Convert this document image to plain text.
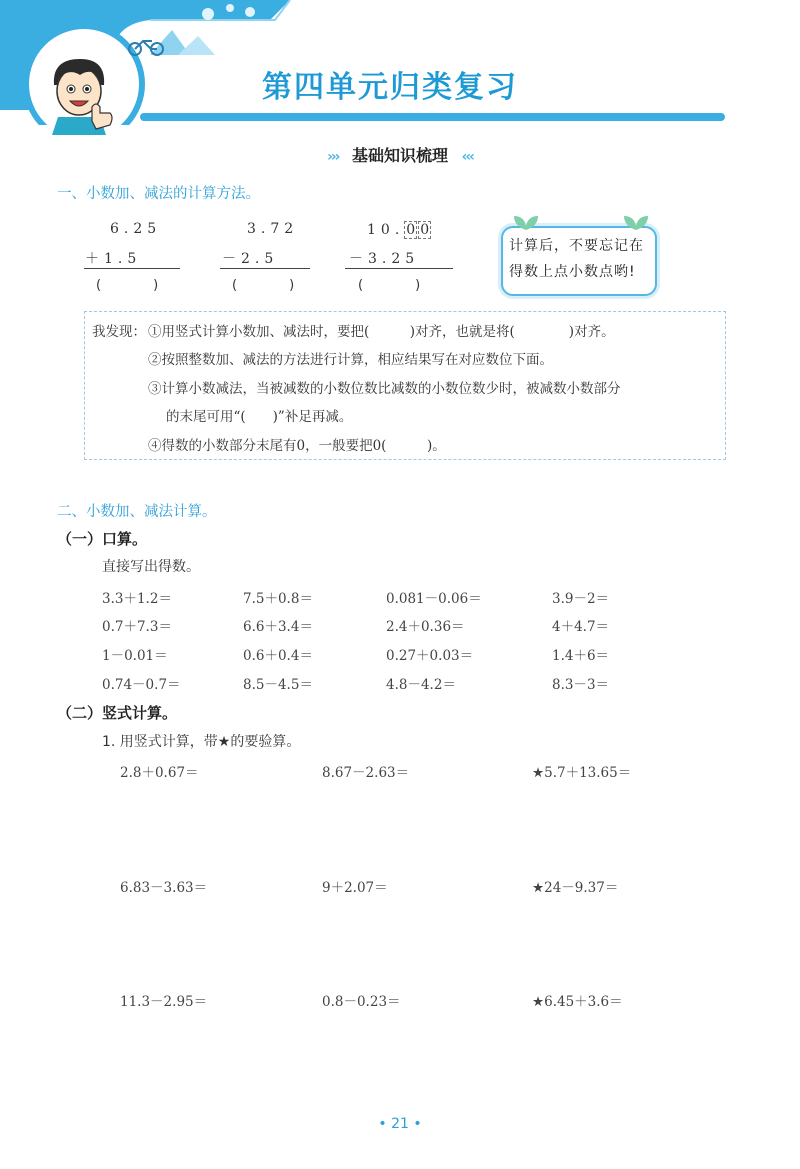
第四单元归类复习
››› 基础知识梳理 ‹‹‹
一、小数加、减法的计算方法。
6.25
＋1.5
(　　　　)
3.72
－2.5
(　　　　)
10. 0 0
－3.25
(　　　　)
计算后，不要忘记在得数上点小数点哟!
我发现： ①用竖式计算小数加、减法时，要把(　　　)对齐，也就是将(　　　　)对齐。
②按照整数加、减法的方法进行计算，相应结果写在对应数位下面。
③计算小数减法，当被减数的小数位数比减数的小数位数少时，被减数小数部分
的末尾可用“(　　)”补足再减。
④得数的小数部分末尾有0，一般要把0(　　　)。
二、小数加、减法计算。
（一）口算。
直接写出得数。
3.3＋1.2＝	7.5＋0.8＝	0.081－0.06＝	3.9－2＝
0.7＋7.3＝	6.6＋3.4＝	2.4＋0.36＝	4＋4.7＝
1－0.01＝	0.6＋0.4＝	0.27＋0.03＝	1.4＋6＝
0.74－0.7＝	8.5－4.5＝	4.8－4.2＝	8.3－3＝
（二）竖式计算。
1. 用竖式计算，带★的要验算。
2.8＋0.67＝	8.67－2.63＝	★5.7＋13.65＝
6.83－3.63＝	9＋2.07＝	★24－9.37＝
11.3－2.95＝	0.8－0.23＝	★6.45＋3.6＝
• 21 •
